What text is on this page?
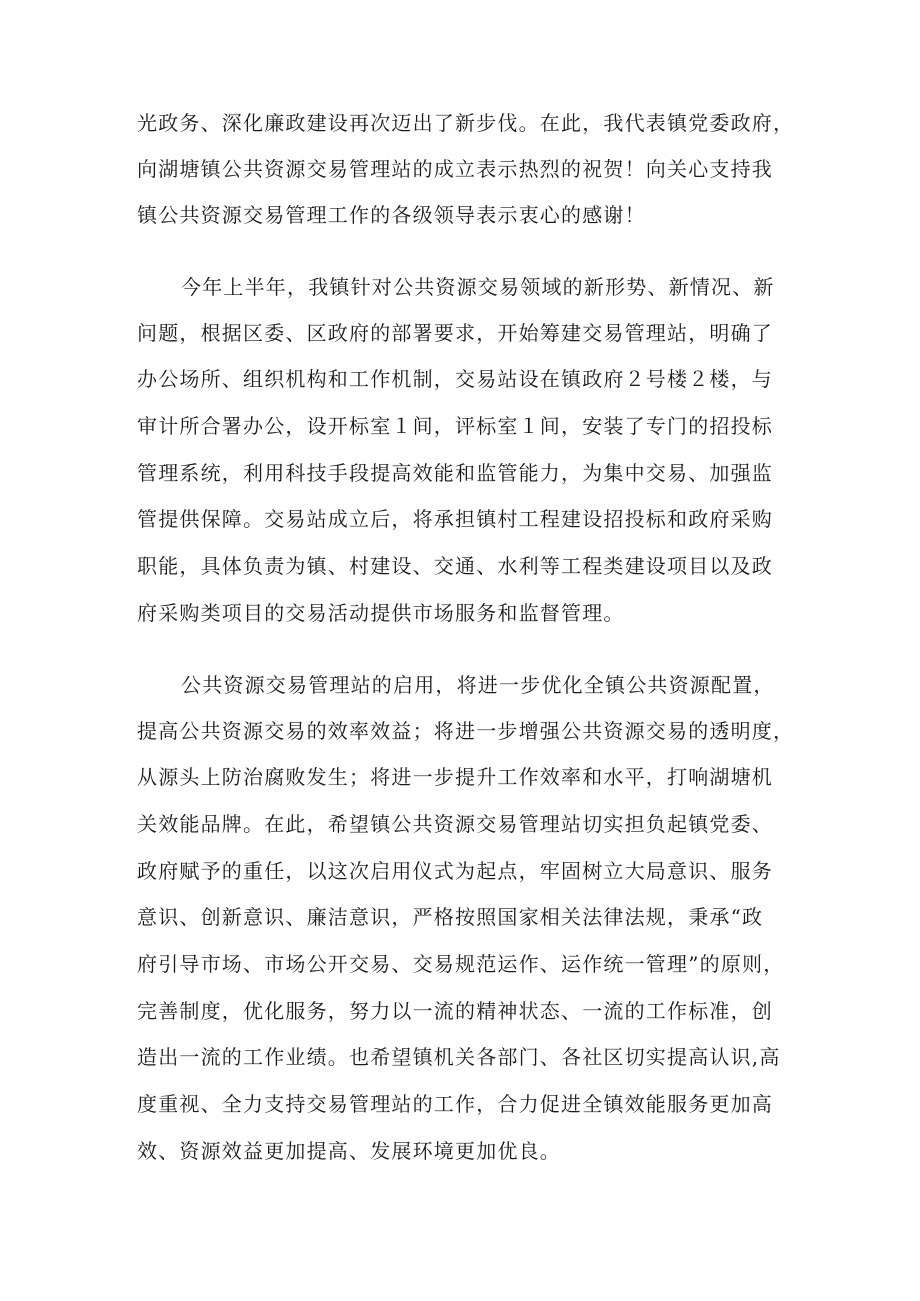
光政务、深化廉政建设再次迈出了新步伐。在此，我代表镇党委政府，
向湖塘镇公共资源交易管理站的成立表示热烈的祝贺！向关心支持我
镇公共资源交易管理工作的各级领导表示衷心的感谢！
今年上半年，我镇针对公共资源交易领域的新形势、新情况、新
问题，根据区委、区政府的部署要求，开始筹建交易管理站，明确了
办公场所、组织机构和工作机制，交易站设在镇政府２号楼２楼，与
审计所合署办公，设开标室１间，评标室１间，安装了专门的招投标
管理系统，利用科技手段提高效能和监管能力，为集中交易、加强监
管提供保障。交易站成立后，将承担镇村工程建设招投标和政府采购
职能，具体负责为镇、村建设、交通、水利等工程类建设项目以及政
府采购类项目的交易活动提供市场服务和监督管理。
公共资源交易管理站的启用，将进一步优化全镇公共资源配置，
提高公共资源交易的效率效益；将进一步增强公共资源交易的透明度，
从源头上防治腐败发生；将进一步提升工作效率和水平，打响湖塘机
关效能品牌。在此，希望镇公共资源交易管理站切实担负起镇党委、
政府赋予的重任，以这次启用仪式为起点，牢固树立大局意识、服务
意识、创新意识、廉洁意识，严格按照国家相关法律法规，秉承“政
府引导市场、市场公开交易、交易规范运作、运作统一管理”的原则，
完善制度，优化服务，努力以一流的精神状态、一流的工作标准，创
造出一流的工作业绩。也希望镇机关各部门、各社区切实提高认识,高
度重视、全力支持交易管理站的工作，合力促进全镇效能服务更加高
效、资源效益更加提高、发展环境更加优良。
